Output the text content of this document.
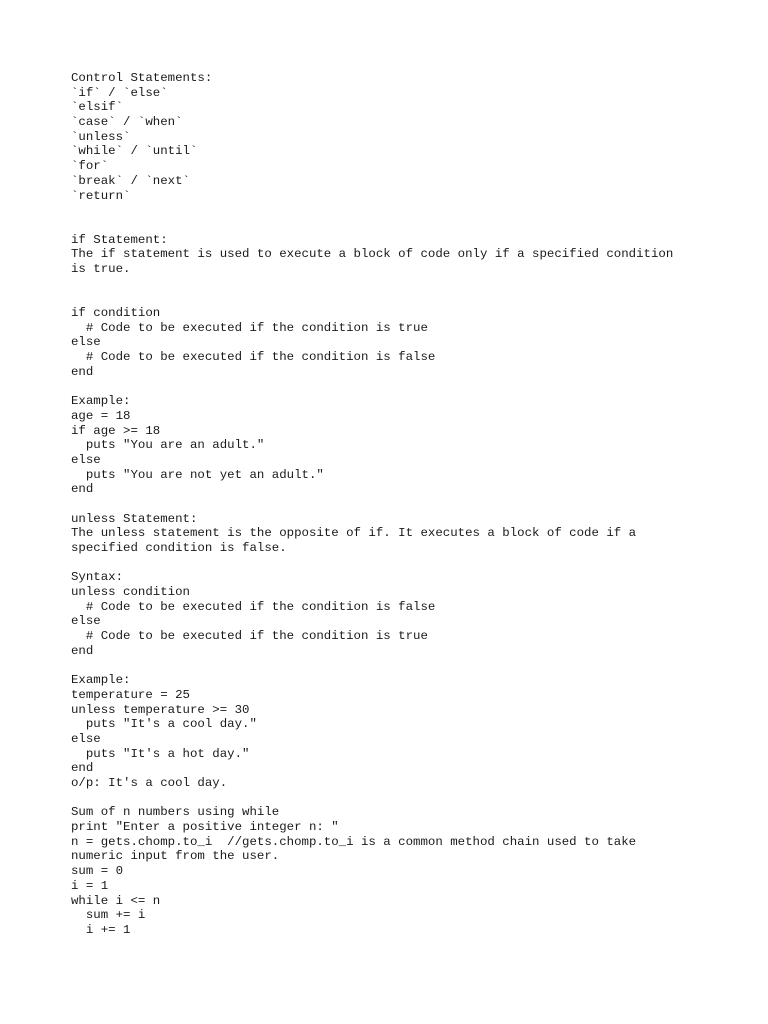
Control Statements:
`if` / `else`
`elsif`
`case` / `when`
`unless`
`while` / `until`
`for`
`break` / `next`
`return`
if Statement:
The if statement is used to execute a block of code only if a specified condition
is true.
if condition
# Code to be executed if the condition is true
else
# Code to be executed if the condition is false
end
Example:
age = 18
if age >= 18
puts "You are an adult."
else
puts "You are not yet an adult."
end
unless Statement:
The unless statement is the opposite of if. It executes a block of code if a
specified condition is false.
Syntax:
unless condition
# Code to be executed if the condition is false
else
# Code to be executed if the condition is true
end
Example:
temperature = 25
unless temperature >= 30
puts "It's a cool day."
else
puts "It's a hot day."
end
o/p: It's a cool day.
Sum of n numbers using while
print "Enter a positive integer n: "
n = gets.chomp.to_i  //gets.chomp.to_i is a common method chain used to take
numeric input from the user.
sum = 0
i = 1
while i <= n
sum += i
i += 1
